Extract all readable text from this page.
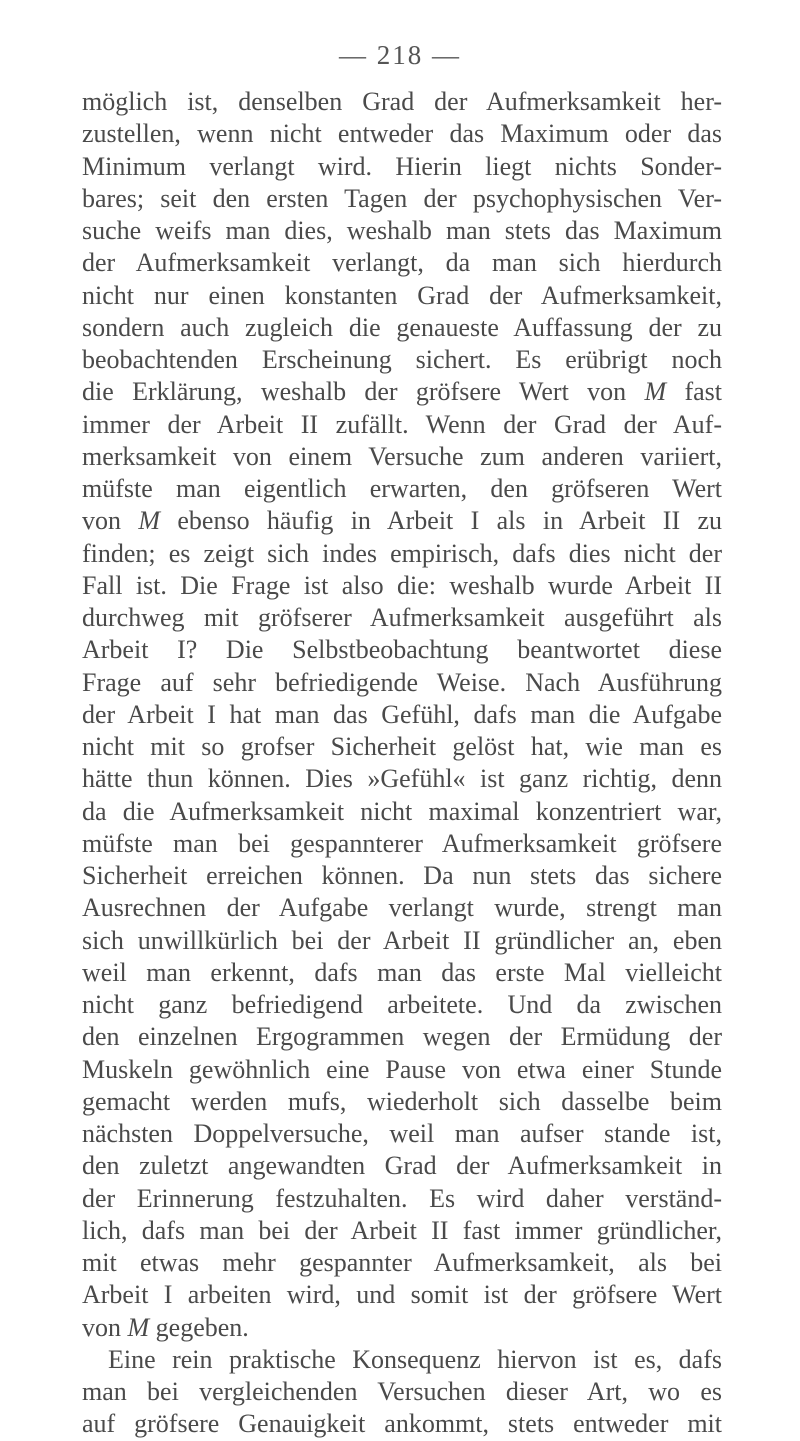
— 218 —
möglich ist, denselben Grad der Aufmerksamkeit her-
zustellen, wenn nicht entweder das Maximum oder das
Minimum verlangt wird. Hierin liegt nichts Sonder-
bares; seit den ersten Tagen der psychophysischen Ver-
suche weifs man dies, weshalb man stets das Maximum
der Aufmerksamkeit verlangt, da man sich hierdurch
nicht nur einen konstanten Grad der Aufmerksamkeit,
sondern auch zugleich die genaueste Auffassung der zu
beobachtenden Erscheinung sichert. Es erübrigt noch
die Erklärung, weshalb der gröfsere Wert von M fast
immer der Arbeit II zufällt. Wenn der Grad der Auf-
merksamkeit von einem Versuche zum anderen variiert,
müfste man eigentlich erwarten, den gröfseren Wert
von M ebenso häufig in Arbeit I als in Arbeit II zu
finden; es zeigt sich indes empirisch, dafs dies nicht der
Fall ist. Die Frage ist also die: weshalb wurde Arbeit II
durchweg mit gröfserer Aufmerksamkeit ausgeführt als
Arbeit I? Die Selbstbeobachtung beantwortet diese
Frage auf sehr befriedigende Weise. Nach Ausführung
der Arbeit I hat man das Gefühl, dafs man die Aufgabe
nicht mit so grofser Sicherheit gelöst hat, wie man es
hätte thun können. Dies »Gefühl« ist ganz richtig, denn
da die Aufmerksamkeit nicht maximal konzentriert war,
müfste man bei gespannterer Aufmerksamkeit gröfsere
Sicherheit erreichen können. Da nun stets das sichere
Ausrechnen der Aufgabe verlangt wurde, strengt man
sich unwillkürlich bei der Arbeit II gründlicher an, eben
weil man erkennt, dafs man das erste Mal vielleicht
nicht ganz befriedigend arbeitete. Und da zwischen
den einzelnen Ergogrammen wegen der Ermüdung der
Muskeln gewöhnlich eine Pause von etwa einer Stunde
gemacht werden mufs, wiederholt sich dasselbe beim
nächsten Doppelversuche, weil man aufser stande ist,
den zuletzt angewandten Grad der Aufmerksamkeit in
der Erinnerung festzuhalten. Es wird daher verständ-
lich, dafs man bei der Arbeit II fast immer gründlicher,
mit etwas mehr gespannter Aufmerksamkeit, als bei
Arbeit I arbeiten wird, und somit ist der gröfsere Wert
von M gegeben.
Eine rein praktische Konsequenz hiervon ist es, dafs
man bei vergleichenden Versuchen dieser Art, wo es
auf gröfsere Genauigkeit ankommt, stets entweder mit
